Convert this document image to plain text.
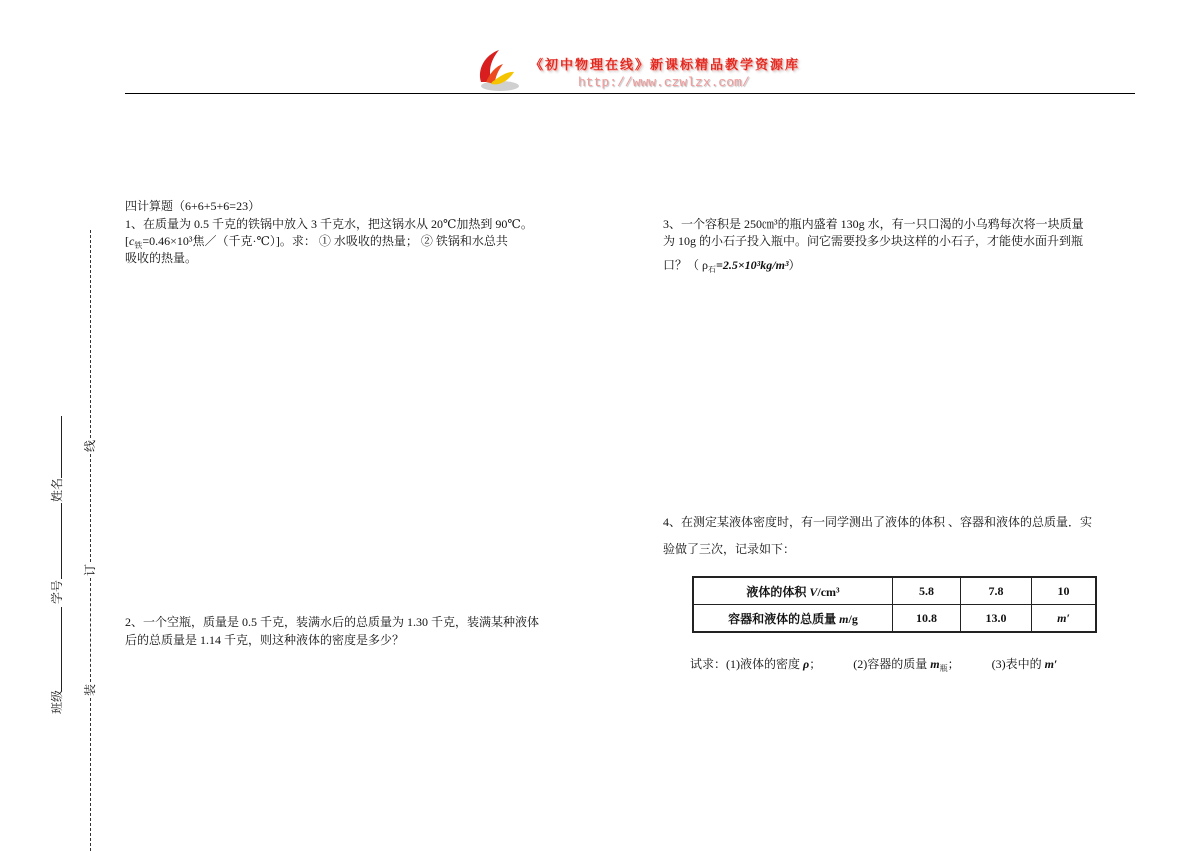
《初中物理在线》新课标精品教学资源库
http://www.czwlzx.com/
线
订
装
姓名
学号
班级
四计算题（6+6+5+6=23）
1、在质量为 0.5 千克的铁锅中放入 3 千克水，把这锅水从 20℃加热到 90℃。
[$c_铁=0.46\times 10^3$焦／（千克·℃）]。求： ① 水吸收的热量； ② 铁锅和水总共
吸收的热量。
2、一个空瓶，质量是 0.5 千克，装满水后的总质量为 1.30 千克，装满某种液体
后的总质量是 1.14 千克，则这种液体的密度是多少？
3、一个容积是 250㎝³的瓶内盛着 130g 水，有一只口渴的小乌鸦每次将一块质量
为 10g 的小石子投入瓶中。问它需要投多少块这样的小石子，才能使水面升到瓶
口？（ $\rho_石=2.5\times 10^3kg/m^3$）
4、在测定某液体密度时，有一同学测出了液体的体积 、容器和液体的总质量．实
验做了三次，记录如下：
液体的体积 V/cm³	5.8	7.8	10
容器和液体的总质量 m/g	10.8	13.0	m′
试求：(1)液体的密度 ρ；	(2)容器的质量 $m_瓶$；	(3)表中的 m′
